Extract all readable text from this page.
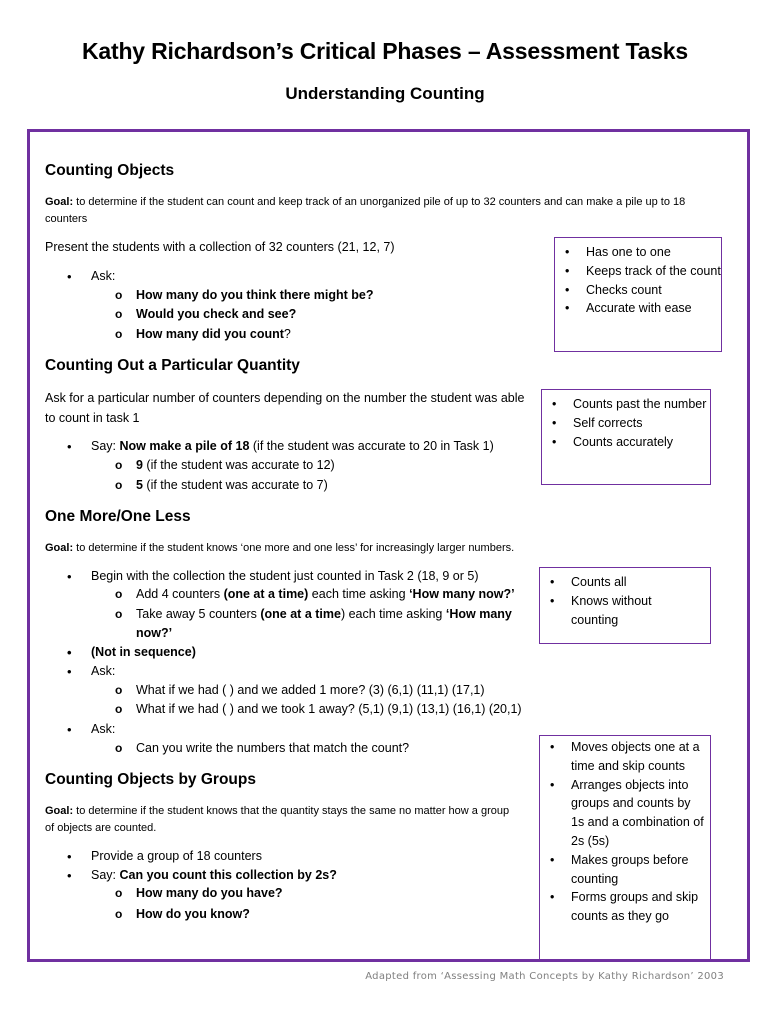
Kathy Richardson’s Critical Phases – Assessment Tasks
Understanding Counting
Counting Objects

Goal: to determine if the student can count and keep track of an unorganized pile of up to 32 counters and can make a pile up to 18 counters

Present the students with a collection of 32 counters (21, 12, 7)
• Ask:
o How many do you think there might be?
o Would you check and see?
o How many did you count?
• Has one to one
• Keeps track of the count
• Checks count
• Accurate with ease
Counting Out a Particular Quantity

Ask for a particular number of counters depending on the number the student was able to count in task 1

• Say: Now make a pile of 18 (if the student was accurate to 20 in Task 1)
o 9 (if the student was accurate to 12)
o 5 (if the student was accurate to 7)
• Counts past the number
• Self corrects
• Counts accurately
One More/One Less

Goal: to determine if the student knows ‘one more and one less’ for increasingly larger numbers.

• Begin with the collection the student just counted in Task 2 (18, 9 or 5)
o Add 4 counters (one at a time) each time asking ‘How many now?’
o Take away 5 counters (one at a time) each time asking ‘How many
now?’
• (Not in sequence)
• Ask:
o What if we had ( ) and we added 1 more? (3) (6,1) (11,1) (17,1)
o What if we had ( ) and we took 1 away? (5,1) (9,1) (13,1) (16,1) (20,1)
• Ask:
o Can you write the numbers that match the count?
• Counts all
• Knows without counting
Counting Objects by Groups

Goal: to determine if the student knows that the quantity stays the same no matter how a group of objects are counted.

• Provide a group of 18 counters
• Say: Can you count this collection by 2s?
o How many do you have?
o How do you know?
• Moves objects one at a time and skip counts
• Arranges objects into groups and counts by 1s and a combination of 2s (5s)
• Makes groups before counting
• Forms groups and skip counts as they go
Adapted from ‘Assessing Math Concepts by Kathy Richardson’ 2003
